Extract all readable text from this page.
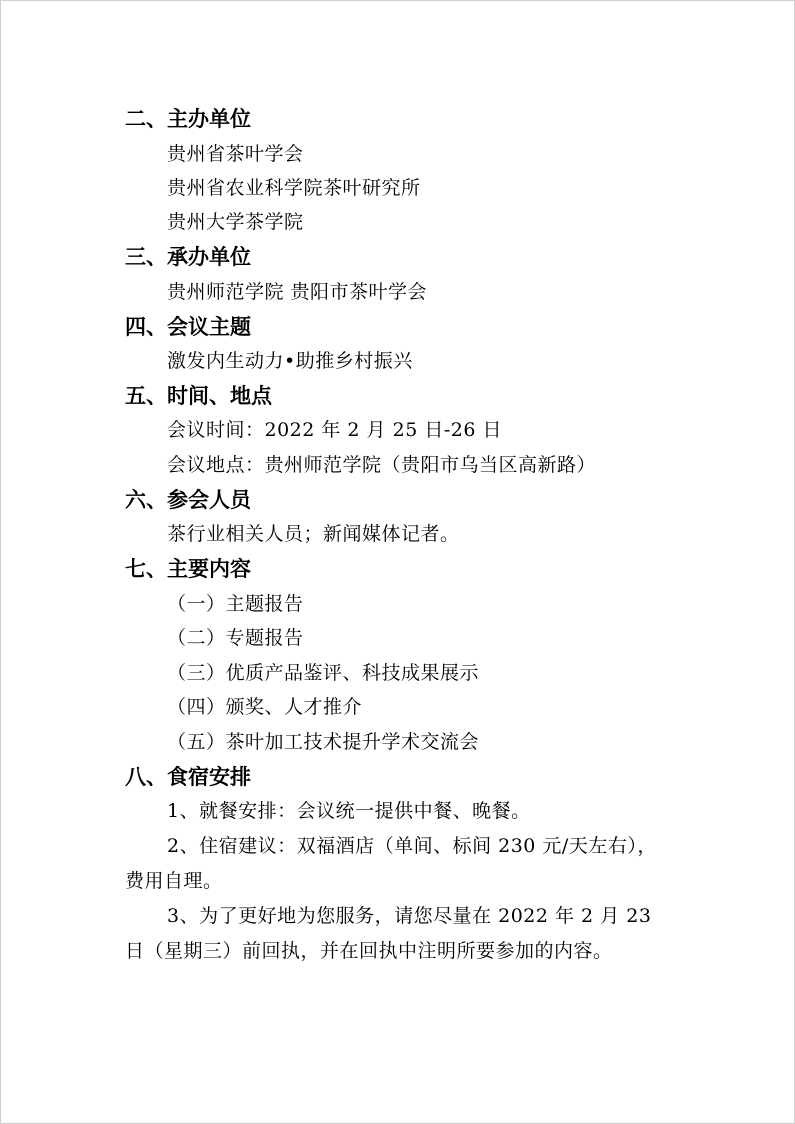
二、主办单位
贵州省茶叶学会
贵州省农业科学院茶叶研究所
贵州大学茶学院
三、承办单位
贵州师范学院 贵阳市茶叶学会
四、会议主题
激发内生动力•助推乡村振兴
五、时间、地点
会议时间：2022 年 2 月 25 日-26 日
会议地点：贵州师范学院（贵阳市乌当区高新路）
六、参会人员
茶行业相关人员；新闻媒体记者。
七、主要内容
（一）主题报告
（二）专题报告
（三）优质产品鉴评、科技成果展示
（四）颁奖、人才推介
（五）茶叶加工技术提升学术交流会
八、食宿安排
1、就餐安排：会议统一提供中餐、晚餐。
2、住宿建议：双福酒店（单间、标间 230 元/天左右），
费用自理。
3、为了更好地为您服务，请您尽量在 2022 年 2 月 23
日（星期三）前回执，并在回执中注明所要参加的内容。
